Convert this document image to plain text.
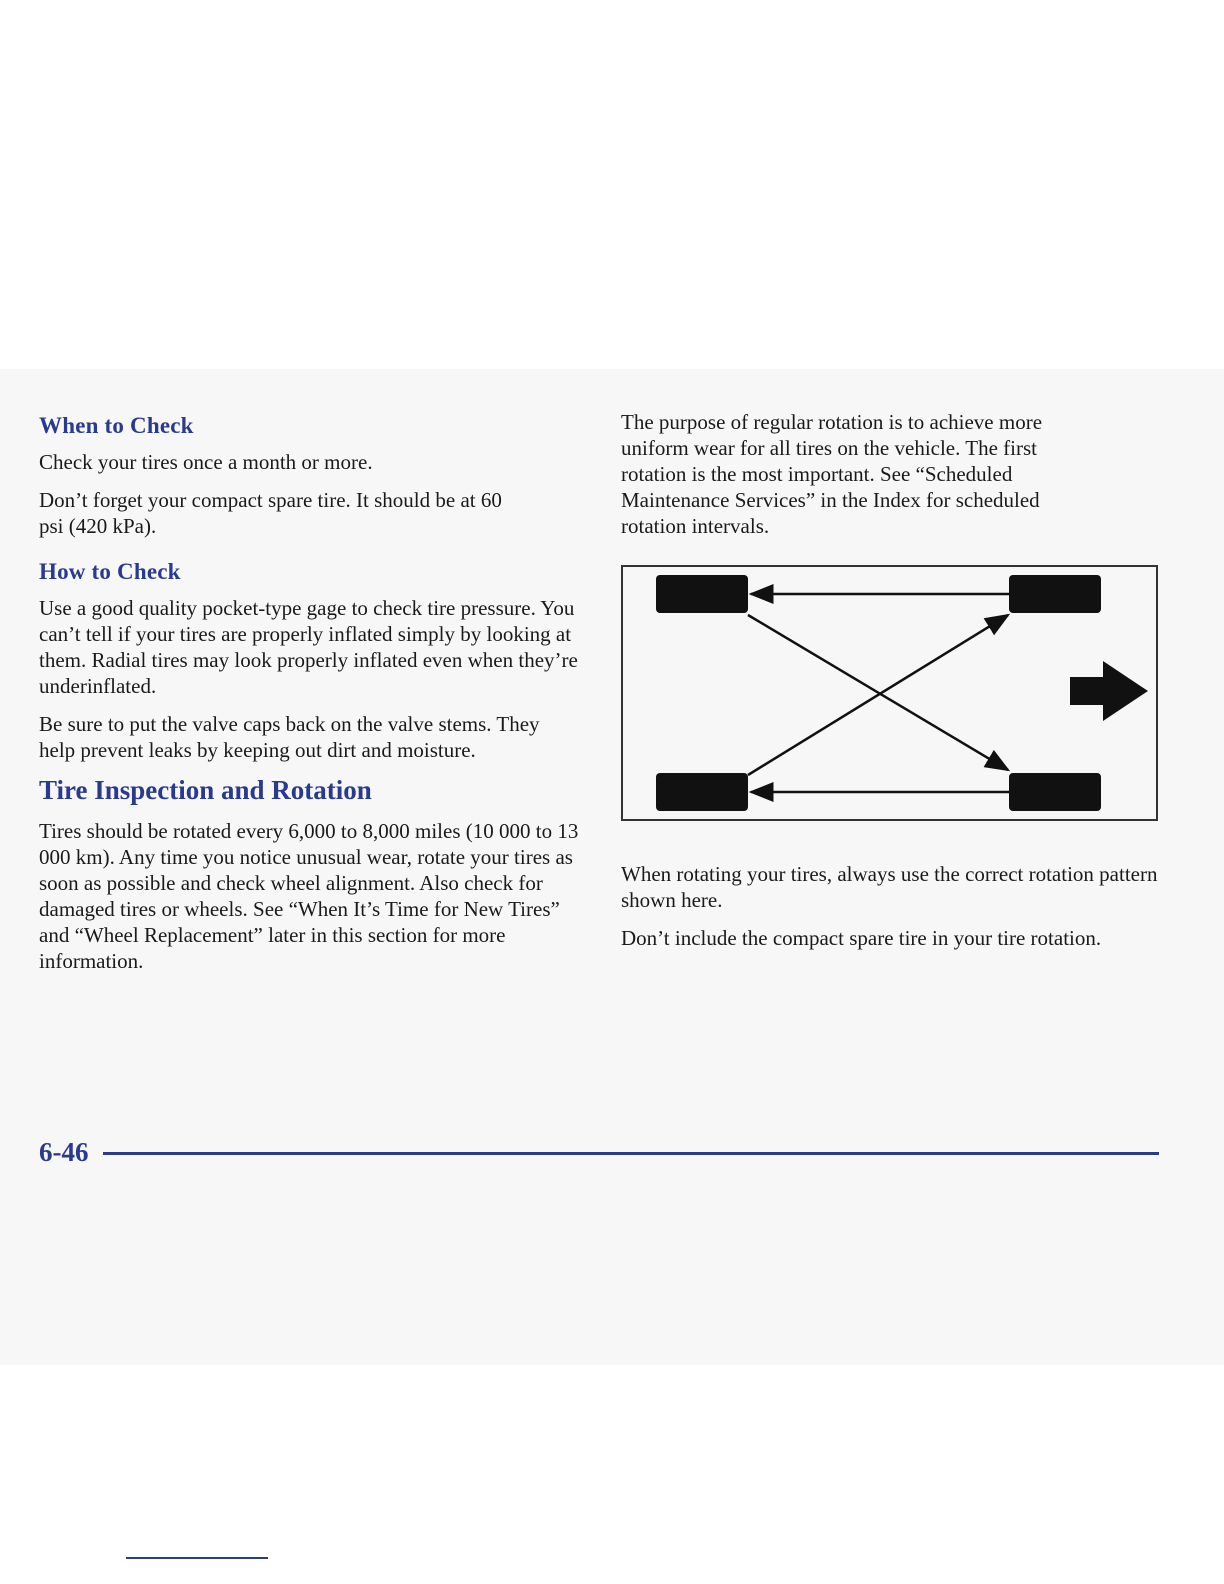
When to Check

Check your tires once a month or more.

Don’t forget your compact spare tire. It should be at 60 psi (420 kPa).

How to Check

Use a good quality pocket-type gage to check tire pressure. You can’t tell if your tires are properly inflated simply by looking at them. Radial tires may look properly inflated even when they’re underinflated.

Be sure to put the valve caps back on the valve stems. They help prevent leaks by keeping out dirt and moisture.

Tire Inspection and Rotation

Tires should be rotated every 6,000 to 8,000 miles (10 000 to 13 000 km). Any time you notice unusual wear, rotate your tires as soon as possible and check wheel alignment. Also check for damaged tires or wheels. See “When It’s Time for New Tires” and “Wheel Replacement” later in this section for more information.

The purpose of regular rotation is to achieve more uniform wear for all tires on the vehicle. The first rotation is the most important. See “Scheduled Maintenance Services” in the Index for scheduled rotation intervals.

When rotating your tires, always use the correct rotation pattern shown here.

Don’t include the compact spare tire in your tire rotation.

6-46
